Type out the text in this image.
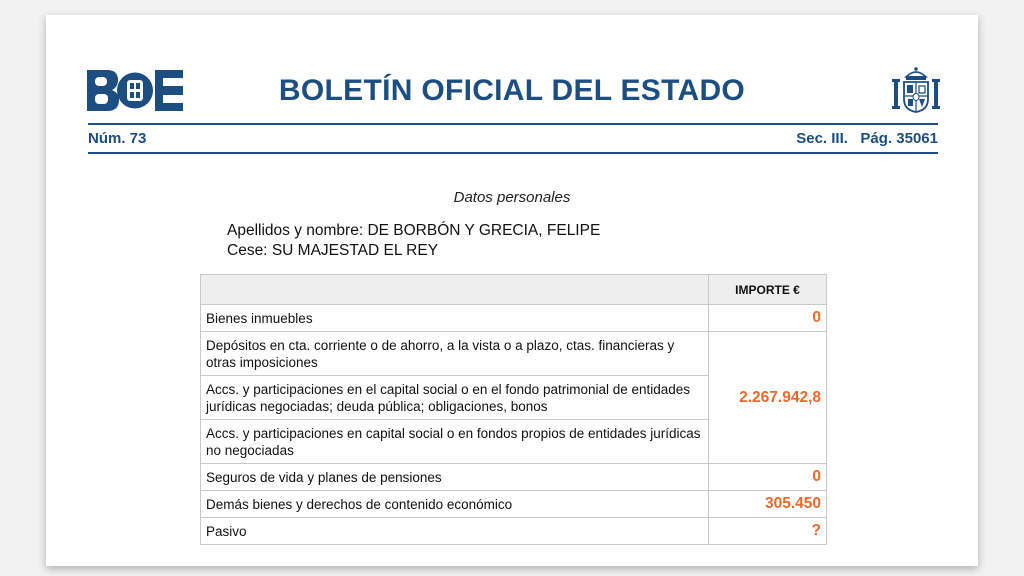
BOLETÍN OFICIAL DEL ESTADO
Núm. 73	Sec. III.   Pág. 35061
Datos personales
Apellidos y nombre: DE BORBÓN Y GRECIA, FELIPE
Cese: SU MAJESTAD EL REY
	IMPORTE €
Bienes inmuebles	0
Depósitos en cta. corriente o de ahorro, a la vista o a plazo, ctas. financieras y otras imposiciones	2.267.942,8
Accs. y participaciones en el capital social o en el fondo patrimonial de entidades jurídicas negociadas; deuda pública; obligaciones, bonos	
Accs. y participaciones en capital social o en fondos propios de entidades jurídicas no negociadas	
Seguros de vida y planes de pensiones	0
Demás bienes y derechos de contenido económico	305.450
Pasivo	?
